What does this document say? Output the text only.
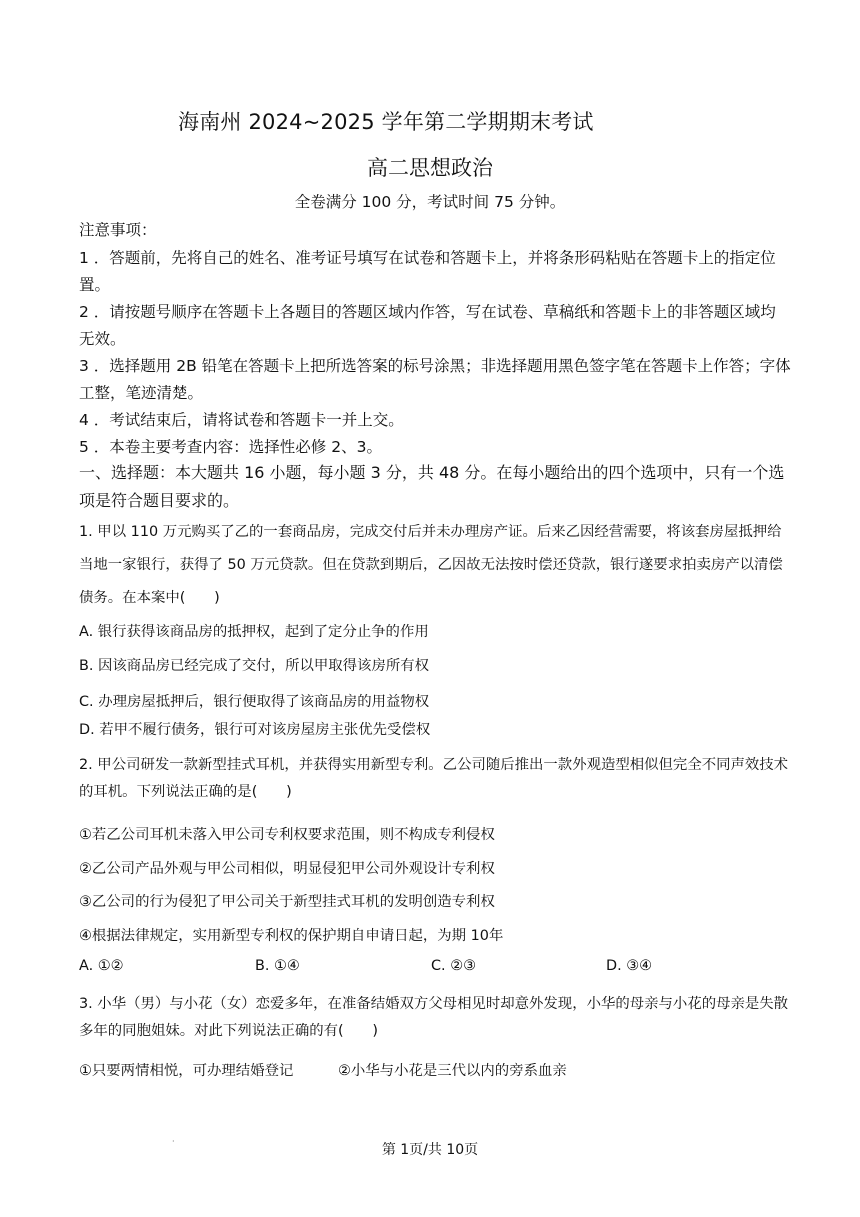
海南州 2024~2025 学年第二学期期末考试
高二思想政治
全卷满分 100 分，考试时间 75 分钟。
注意事项：

1 ．答题前，先将自己的姓名、准考证号填写在试卷和答题卡上，并将条形码粘贴在答题卡上的指定位置。

2 ．请按题号顺序在答题卡上各题目的答题区域内作答，写在试卷、草稿纸和答题卡上的非答题区域均无效。

3 ．选择题用 2B 铅笔在答题卡上把所选答案的标号涂黑；非选择题用黑色签字笔在答题卡上作答；字体工整，笔迹清楚。

4 ．考试结束后，请将试卷和答题卡一并上交。

5 ．本卷主要考查内容：选择性必修 2、3。

一、选择题：本大题共 16 小题，每小题 3 分，共 48 分。在每小题给出的四个选项中，只有一个选项是符合题目要求的。
1. 甲以 110 万元购买了乙的一套商品房，完成交付后并未办理房产证。后来乙因经营需要，将该套房屋抵押给当地一家银行，获得了 50 万元贷款。但在贷款到期后，乙因故无法按时偿还贷款，银行遂要求拍卖房产以清偿债务。在本案中(　　)
A. 银行获得该商品房的抵押权，起到了定分止争的作用
B. 因该商品房已经完成了交付，所以甲取得该房所有权
C. 办理房屋抵押后，银行便取得了该商品房的用益物权
D. 若甲不履行债务，银行可对该房屋房主张优先受偿权
2. 甲公司研发一款新型挂式耳机，并获得实用新型专利。乙公司随后推出一款外观造型相似但完全不同声效技术的耳机。下列说法正确的是(　　)
①若乙公司耳机未落入甲公司专利权要求范围，则不构成专利侵权
②乙公司产品外观与甲公司相似，明显侵犯甲公司外观设计专利权
③乙公司的行为侵犯了甲公司关于新型挂式耳机的发明创造专利权
④根据法律规定，实用新型专利权的保护期自申请日起，为期 10年
A. ①②	B. ①④	C. ②③	D. ③④
3. 小华（男）与小花（女）恋爱多年，在准备结婚双方父母相见时却意外发现，小华的母亲与小花的母亲是失散多年的同胞姐妹。对此下列说法正确的有(　　)
①只要两情相悦，可办理结婚登记	②小华与小花是三代以内的旁系血亲
·
第 1页/共 10页
